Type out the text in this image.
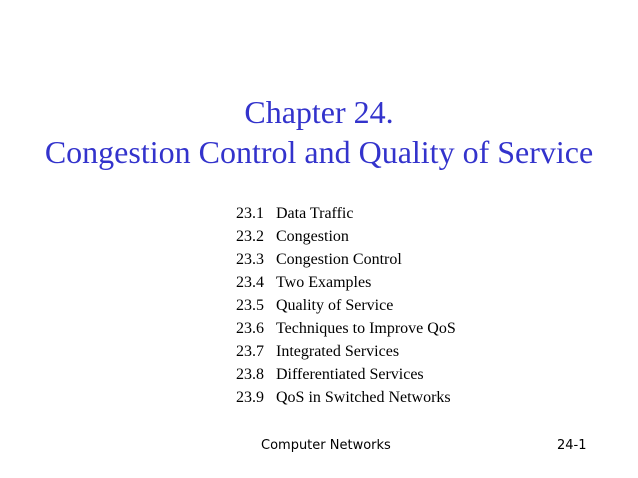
Chapter 24.
Congestion Control and Quality of Service
23.1 Data Traffic
23.2 Congestion
23.3 Congestion Control
23.4 Two Examples
23.5 Quality of Service
23.6 Techniques to Improve QoS
23.7 Integrated Services
23.8 Differentiated Services
23.9 QoS in Switched Networks
Computer Networks	24-1
